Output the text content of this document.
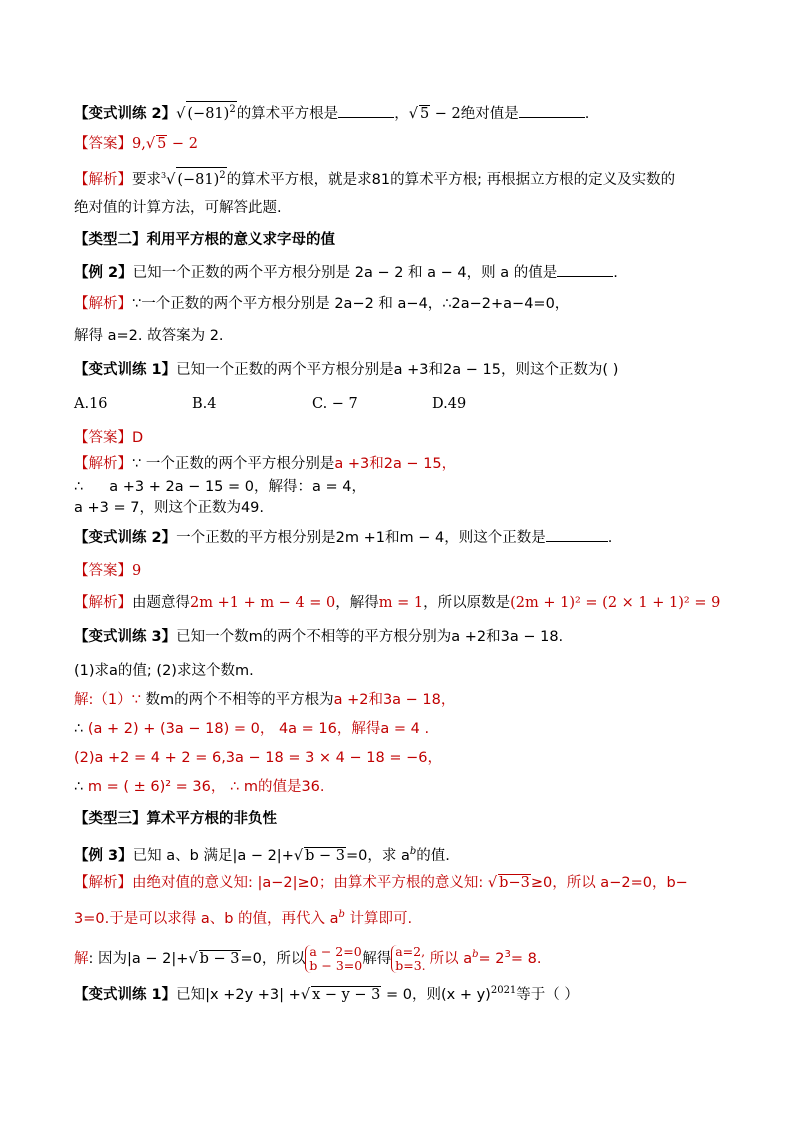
【变式训练 2】√ $(-81)^2$的算术平方根是	，√ 5 − 2绝对值是	.
【答案】9,√ 5 − 2
【解析】要求$^3$√ $(-81)^2$的算术平方根，就是求81的算术平方根; 再根据立方根的定义及实数的
绝对值的计算方法，可解答此题.
【类型二】利用平方根的意义求字母的值
【例 2】已知一个正数的两个平方根分别是 2a − 2 和 a − 4，则 a 的值是	.
【解析】∵一个正数的两个平方根分别是 2a−2 和 a−4，∴2a−2+a−4=0，
解得 a=2. 故答案为 2.
【变式训练 1】已知一个正数的两个平方根分别是a +3和2a − 15，则这个正数为( )
A.16	B.4	C. − 7	D.49
【答案】D
【解析】∵ 一个正数的两个平方根分别是a +3和2a − 15，
∴ a +3 + 2a − 15 = 0，解得：a = 4，
a +3 = 7，则这个正数为49.
【变式训练 2】一个正数的平方根分别是2m +1和m − 4，则这个正数是	.
【答案】9
【解析】由题意得2m +1 + m − 4 = 0，解得m = 1，所以原数是(2m + 1)² = (2 × 1 + 1)² = 9
【变式训练 3】已知一个数m的两个不相等的平方根分别为a +2和3a − 18.
(1)求a的值; (2)求这个数m.
解:（1）∵ 数m的两个不相等的平方根为a +2和3a − 18，
∴ (a + 2) + (3a − 18) = 0， 4a = 16，解得a = 4 .
(2)a +2 = 4 + 2 = 6,3a − 18 = 3 × 4 − 18 = −6，
∴ m = ( ± 6)² = 36， ∴ m的值是36.
【类型三】算术平方根的非负性
【例 3】已知 a、b 满足|a − 2|+√ b − 3=0，求 $a^b$的值.
【解析】由绝对值的意义知: |a−2|≥0；由算术平方根的意义知: √ b−3≥0，所以 a−2=0，b−
3=0.于是可以求得 a、b 的值，再代入 $a^b$ 计算即可.
解: 因为|a − 2|+√ b − 3=0，所以 a − 2=0
b − 3=0解得 a=2,
b=3. 所以 $a^b= 2^3= 8$.
【变式训练 1】已知|x +2y +3| +√ x − y − 3 = 0，则$(x + y)^{2021}$等于（ ）
